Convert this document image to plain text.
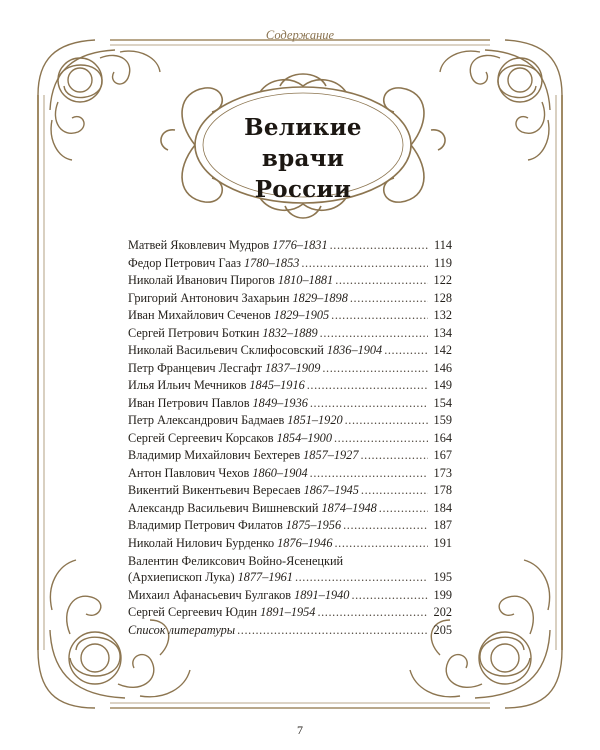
Содержание
Великие
врачи России
Матвей Яковлевич Мудров 1776–1831 .....	114
Федор Петрович Гааз 1780–1853 .....	119
Николай Иванович Пирогов 1810–1881 .....	122
Григорий Антонович Захарьин 1829–1898 .....	128
Иван Михайлович Сеченов 1829–1905 .....	132
Сергей Петрович Боткин 1832–1889 .....	134
Николай Васильевич Склифосовский 1836–1904 .....	142
Петр Францевич Лесгафт 1837–1909 .....	146
Илья Ильич Мечников 1845–1916 .....	149
Иван Петрович Павлов 1849–1936 .....	154
Петр Александрович Бадмаев 1851–1920 .....	159
Сергей Сергеевич Корсаков 1854–1900 .....	164
Владимир Михайлович Бехтерев 1857–1927 .....	167
Антон Павлович Чехов 1860–1904 .....	173
Викентий Викентьевич Вересаев 1867–1945 .....	178
Александр Васильевич Вишневский 1874–1948 .....	184
Владимир Петрович Филатов 1875–1956 .....	187
Николай Нилович Бурденко 1876–1946 .....	191
Валентин Феликсович Войно-Ясенецкий
(Архиепископ Лука) 1877–1961 .....	195
Михаил Афанасьевич Булгаков 1891–1940 .....	199
Сергей Сергеевич Юдин 1891–1954 .....	202
Список литературы .....	205
7
